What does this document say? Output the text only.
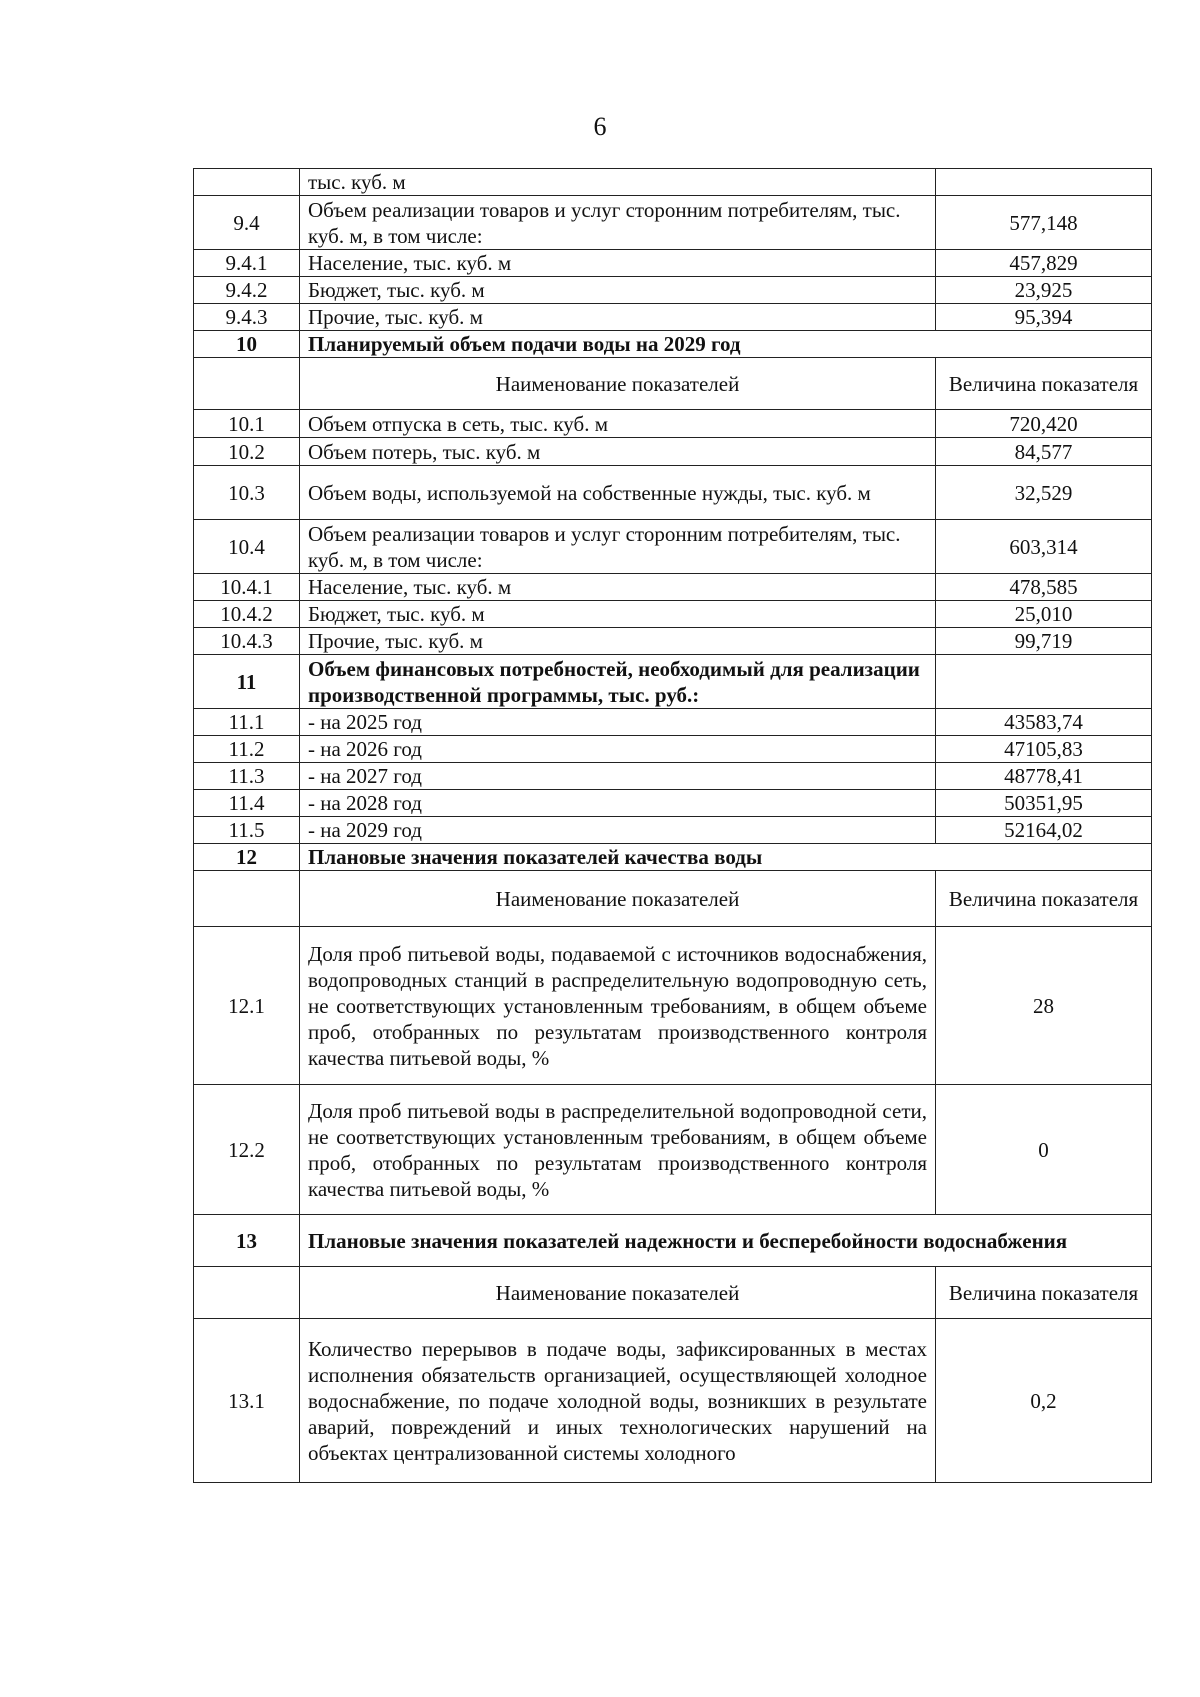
6
	тыс. куб. м	
9.4	Объем реализации товаров и услуг сторонним потребителям, тыс. куб. м, в том числе:	577,148
9.4.1	Население, тыс. куб. м	457,829
9.4.2	Бюджет, тыс. куб. м	23,925
9.4.3	Прочие, тыс. куб. м	95,394
10	Планируемый объем подачи воды на 2029 год	
	Наименование показателей	Величина показателя
10.1	Объем отпуска в сеть, тыс. куб. м	720,420
10.2	Объем потерь, тыс. куб. м	84,577
10.3	Объем воды, используемой на собственные нужды, тыс. куб. м	32,529
10.4	Объем реализации товаров и услуг сторонним потребителям, тыс. куб. м, в том числе:	603,314
10.4.1	Население, тыс. куб. м	478,585
10.4.2	Бюджет, тыс. куб. м	25,010
10.4.3	Прочие, тыс. куб. м	99,719
11	Объем финансовых потребностей, необходимый для реализации производственной программы, тыс. руб.:	
11.1	- на 2025 год	43583,74
11.2	- на 2026 год	47105,83
11.3	- на 2027 год	48778,41
11.4	- на 2028 год	50351,95
11.5	- на 2029 год	52164,02
12	Плановые значения показателей качества воды	
	Наименование показателей	Величина показателя
12.1	Доля проб питьевой воды, подаваемой с источников водоснабжения, водопроводных станций в распределительную водопроводную сеть, не соответствующих установленным требованиям, в общем объеме проб, отобранных по результатам производственного контроля качества питьевой воды, %	28
12.2	Доля проб питьевой воды в распределительной водопроводной сети, не соответствующих установленным требованиям, в общем объеме проб, отобранных по результатам производственного контроля качества питьевой воды, %	0
13	Плановые значения показателей надежности и бесперебойности водоснабжения	
	Наименование показателей	Величина показателя
13.1	Количество перерывов в подаче воды, зафиксированных в местах исполнения обязательств организацией, осуществляющей холодное водоснабжение, по подаче холодной воды, возникших в результате аварий, повреждений и иных технологических нарушений на объектах централизованной системы холодного	0,2
